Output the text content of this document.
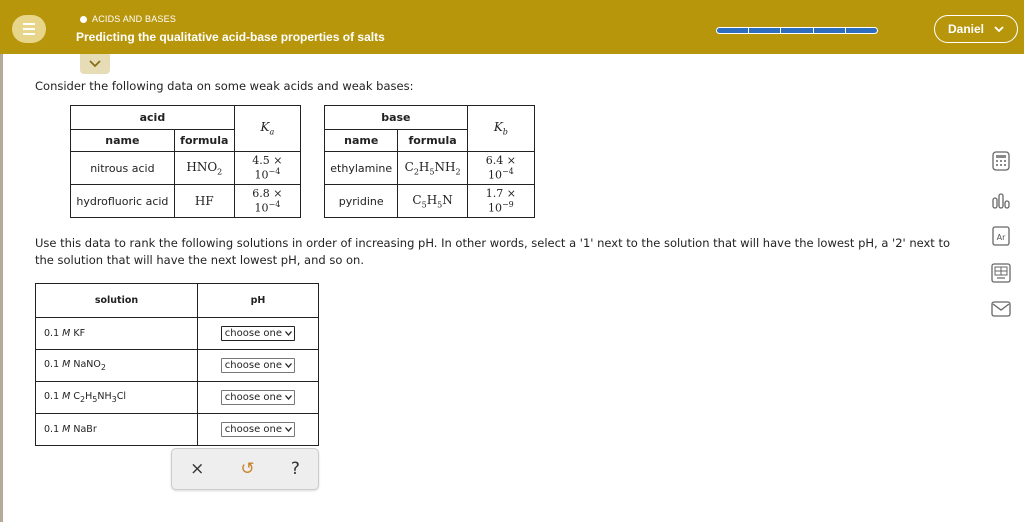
ACIDS AND BASES
Predicting the qualitative acid-base properties of salts
Daniel
Consider the following data on some weak acids and weak bases:
acid		$K_a$
name	formula	
nitrous acid	$HNO_2$	$4.5 \times 10^{-4}$
hydrofluoric acid	HF	$6.8 \times 10^{-4}$
base		$K_b$
name	formula	
ethylamine	$C_2H_5NH_2$	$6.4 \times 10^{-4}$
pyridine	$C_5H_5N$	$1.7 \times 10^{-9}$
Use this data to rank the following solutions in order of increasing pH. In other words, select a '1' next to the solution that will have the lowest pH, a '2' next to the solution that will have the next lowest pH, and so on.
solution	pH
0.1 M KF	choose one
0.1 M NaNO$_2$	choose one
0.1 M $C_2H_5NH_3Cl$	choose one
0.1 M NaBr	choose one
× ↺ ?
Ar
